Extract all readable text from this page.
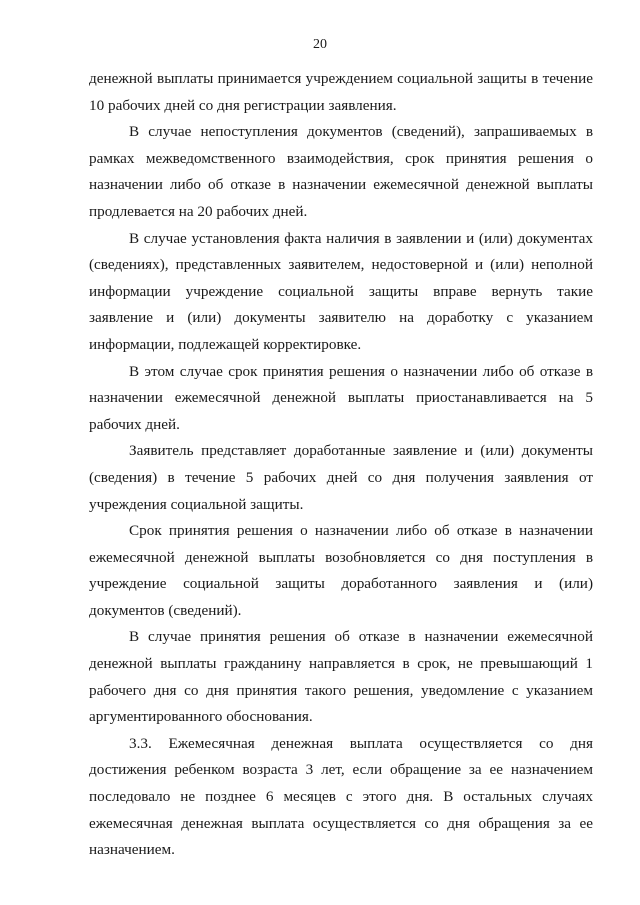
20

денежной выплаты принимается учреждением социальной защиты в течение 10 рабочих дней со дня регистрации заявления.

В случае непоступления документов (сведений), запрашиваемых в рамках межведомственного взаимодействия, срок принятия решения о назначении либо об отказе в назначении ежемесячной денежной выплаты продлевается на 20 рабочих дней.

В случае установления факта наличия в заявлении и (или) документах (сведениях), представленных заявителем, недостоверной и (или) неполной информации учреждение социальной защиты вправе вернуть такие заявление и (или) документы заявителю на доработку с указанием информации, подлежащей корректировке.

В этом случае срок принятия решения о назначении либо об отказе в назначении ежемесячной денежной выплаты приостанавливается на 5 рабочих дней.

Заявитель представляет доработанные заявление и (или) документы (сведения) в течение 5 рабочих дней со дня получения заявления от учреждения социальной защиты.

Срок принятия решения о назначении либо об отказе в назначении ежемесячной денежной выплаты возобновляется со дня поступления в учреждение социальной защиты доработанного заявления и (или) документов (сведений).

В случае принятия решения об отказе в назначении ежемесячной денежной выплаты гражданину направляется в срок, не превышающий 1 рабочего дня со дня принятия такого решения, уведомление с указанием аргументированного обоснования.

3.3. Ежемесячная денежная выплата осуществляется со дня достижения ребенком возраста 3 лет, если обращение за ее назначением последовало не позднее 6 месяцев с этого дня. В остальных случаях ежемесячная денежная выплата осуществляется со дня обращения за ее назначением.
